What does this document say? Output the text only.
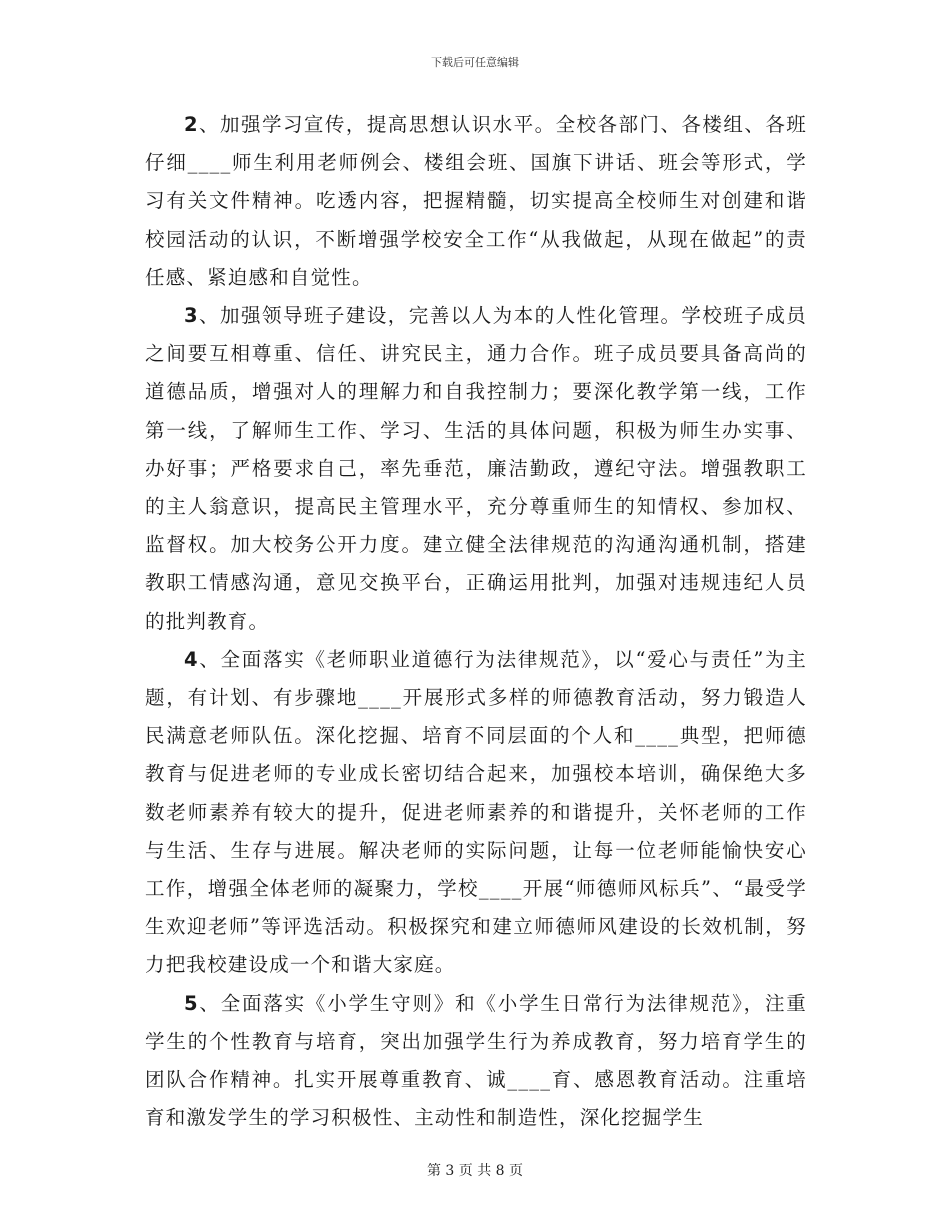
下载后可任意编辑

2、加强学习宣传，提高思想认识水平。全校各部门、各楼组、各班仔细____师生利用老师例会、楼组会班、国旗下讲话、班会等形式，学习有关文件精神。吃透内容，把握精髓，切实提高全校师生对创建和谐校园活动的认识，不断增强学校安全工作“从我做起，从现在做起”的责任感、紧迫感和自觉性。

3、加强领导班子建设，完善以人为本的人性化管理。学校班子成员之间要互相尊重、信任、讲究民主，通力合作。班子成员要具备高尚的道德品质，增强对人的理解力和自我控制力；要深化教学第一线，工作第一线，了解师生工作、学习、生活的具体问题，积极为师生办实事、办好事；严格要求自己，率先垂范，廉洁勤政，遵纪守法。增强教职工的主人翁意识，提高民主管理水平，充分尊重师生的知情权、参加权、监督权。加大校务公开力度。建立健全法律规范的沟通沟通机制，搭建教职工情感沟通，意见交换平台，正确运用批判，加强对违规违纪人员的批判教育。

4、全面落实《老师职业道德行为法律规范》，以“爱心与责任”为主题，有计划、有步骤地____开展形式多样的师德教育活动，努力锻造人民满意老师队伍。深化挖掘、培育不同层面的个人和____典型，把师德教育与促进老师的专业成长密切结合起来，加强校本培训，确保绝大多数老师素养有较大的提升，促进老师素养的和谐提升，关怀老师的工作与生活、生存与进展。解决老师的实际问题，让每一位老师能愉快安心工作，增强全体老师的凝聚力，学校____开展“师德师风标兵”、“最受学生欢迎老师”等评选活动。积极探究和建立师德师风建设的长效机制，努力把我校建设成一个和谐大家庭。

5、全面落实《小学生守则》和《小学生日常行为法律规范》，注重学生的个性教育与培育，突出加强学生行为养成教育，努力培育学生的团队合作精神。扎实开展尊重教育、诚____育、感恩教育活动。注重培育和激发学生的学习积极性、主动性和制造性，深化挖掘学生

第 3 页 共 8 页
